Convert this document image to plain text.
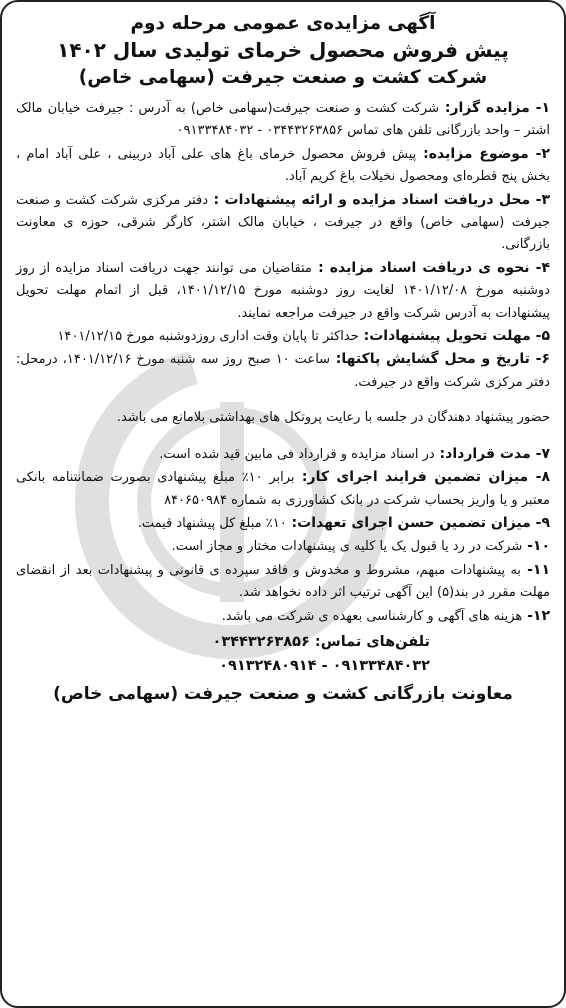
آگهی مزایده‌ی عمومی مرحله دوم
پیش فروش محصول خرمای تولیدی سال ۱۴۰۲
شرکت کشت و صنعت جیرفت (سهامی خاص)

۱- مزایده گزار: شرکت کشت و صنعت جیرفت(سهامی خاص) به آدرس : جیرفت خیابان مالک اشتر – واحد بازرگانی تلفن های تماس ۰۳۴۴۳۲۶۳۸۵۶ - ۰۹۱۳۳۴۸۴۰۳۲

۲- موضوع مزایده: پیش فروش محصول خرمای باغ های علی آباد دربینی ، علی آباد امام ، بخش پنج قطره‌ای ومحصول نخیلات باغ کریم آباد.

۳- محل دریافت اسناد مزایده و ارائه پیشنهادات : دفتر مرکزی شرکت کشت و صنعت جیرفت (سهامی خاص) واقع در جیرفت ، خیابان مالک اشتر، کارگر شرقی، حوزه ی معاونت بازرگانی.

۴- نحوه ی دریافت اسناد مزایده : متقاضیان می توانند جهت دریافت اسناد مزایده از روز دوشنبه مورخ ۱۴۰۱/۱۲/۰۸ لغایت روز دوشنبه مورخ ۱۴۰۱/۱۲/۱۵، قبل از اتمام مهلت تحویل پیشنهادات به آدرس شرکت واقع در جیرفت مراجعه نمایند.

۵- مهلت تحویل پیشنهادات: حداکثر تا پایان وقت اداری روزدوشنبه مورخ ۱۴۰۱/۱۲/۱۵

۶- تاریخ و محل گشایش پاکتها: ساعت ۱۰ صبح روز سه شنبه مورخ ۱۴۰۱/۱۲/۱۶، درمحل: دفتر مرکزی شرکت واقع در جیرفت.

حضور پیشنهاد دهندگان در جلسه با رعایت پروتکل های بهداشتی بلامانع می باشد.

۷- مدت قرارداد: در اسناد مزایده و قرارداد فی مابین قید شده است.

۸- میزان تضمین فرایند اجرای کار: برابر ۱۰٪ مبلغ پیشنهادی بصورت ضمانتنامه بانکی معتبر و یا واریز بحساب شرکت در بانک کشاورزی به شماره ۸۴۰۶۵۰۹۸۴

۹- میزان تضمین حسن اجرای تعهدات: ۱۰٪ مبلغ کل پیشنهاد قیمت.

۱۰- شرکت در رد یا قبول یک یا کلیه ی پیشنهادات مختار و مجاز است.

۱۱- به پیشنهادات مبهم، مشروط و مخدوش و فاقد سپرده ی قانونی و پیشنهادات بعد از انقضای مهلت مقرر در بند(۵) این آگهی ترتیب اثر داده نخواهد شد.

۱۲- هزینه های آگهی و کارشناسی بعهده ی شرکت می باشد.

تلفن‌های تماس: ۰۳۴۴۳۲۶۳۸۵۶
۰۹۱۳۳۴۸۴۰۳۲ - ۰۹۱۳۲۴۸۰۹۱۴
معاونت بازرگانی کشت و صنعت جیرفت (سهامی خاص)
